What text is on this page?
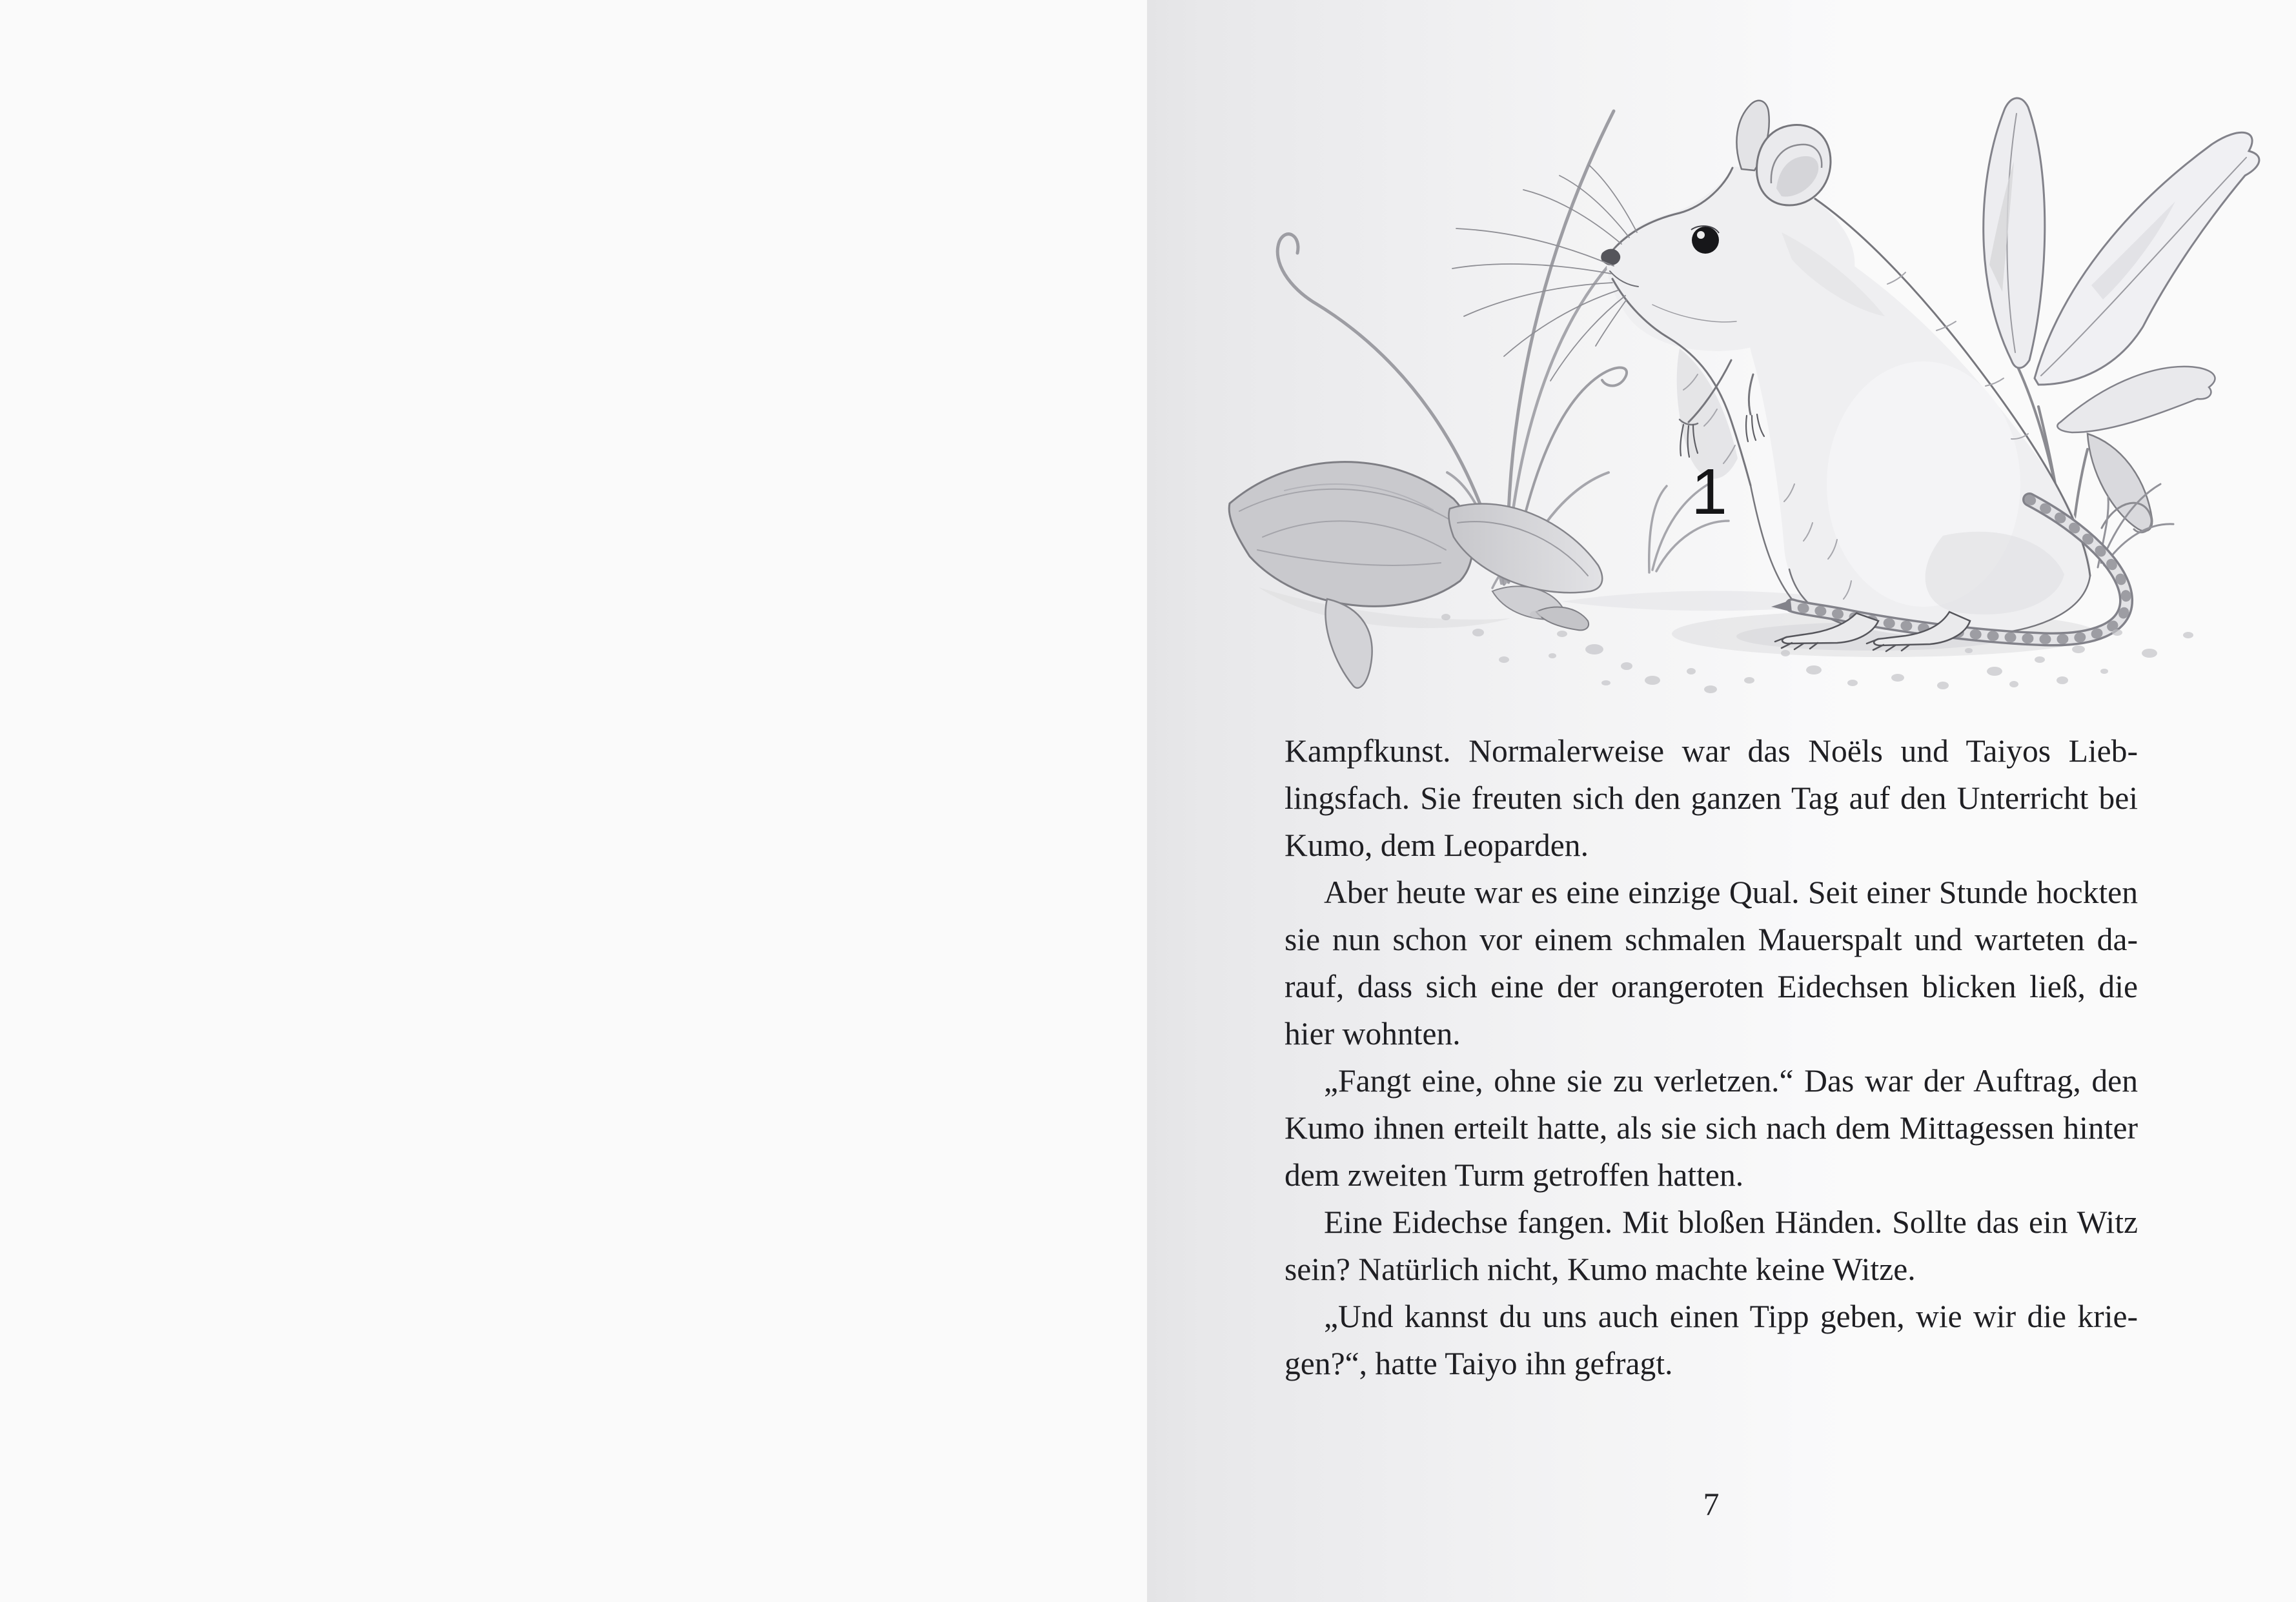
1
Kampfkunst. Normalerweise war das Noëls und Taiyos Lieb-
lingsfach. Sie freuten sich den ganzen Tag auf den Unterricht bei
Kumo, dem Leoparden.
Aber heute war es eine einzige Qual. Seit einer Stunde hockten
sie nun schon vor einem schmalen Mauerspalt und warteten da-
rauf, dass sich eine der orangeroten Eidechsen blicken ließ, die
hier wohnten.
„Fangt eine, ohne sie zu verletzen.“ Das war der Auftrag, den
Kumo ihnen erteilt hatte, als sie sich nach dem Mittagessen hinter
dem zweiten Turm getroffen hatten.
Eine Eidechse fangen. Mit bloßen Händen. Sollte das ein Witz
sein? Natürlich nicht, Kumo machte keine Witze.
„Und kannst du uns auch einen Tipp geben, wie wir die krie-
gen?“, hatte Taiyo ihn gefragt.
7
